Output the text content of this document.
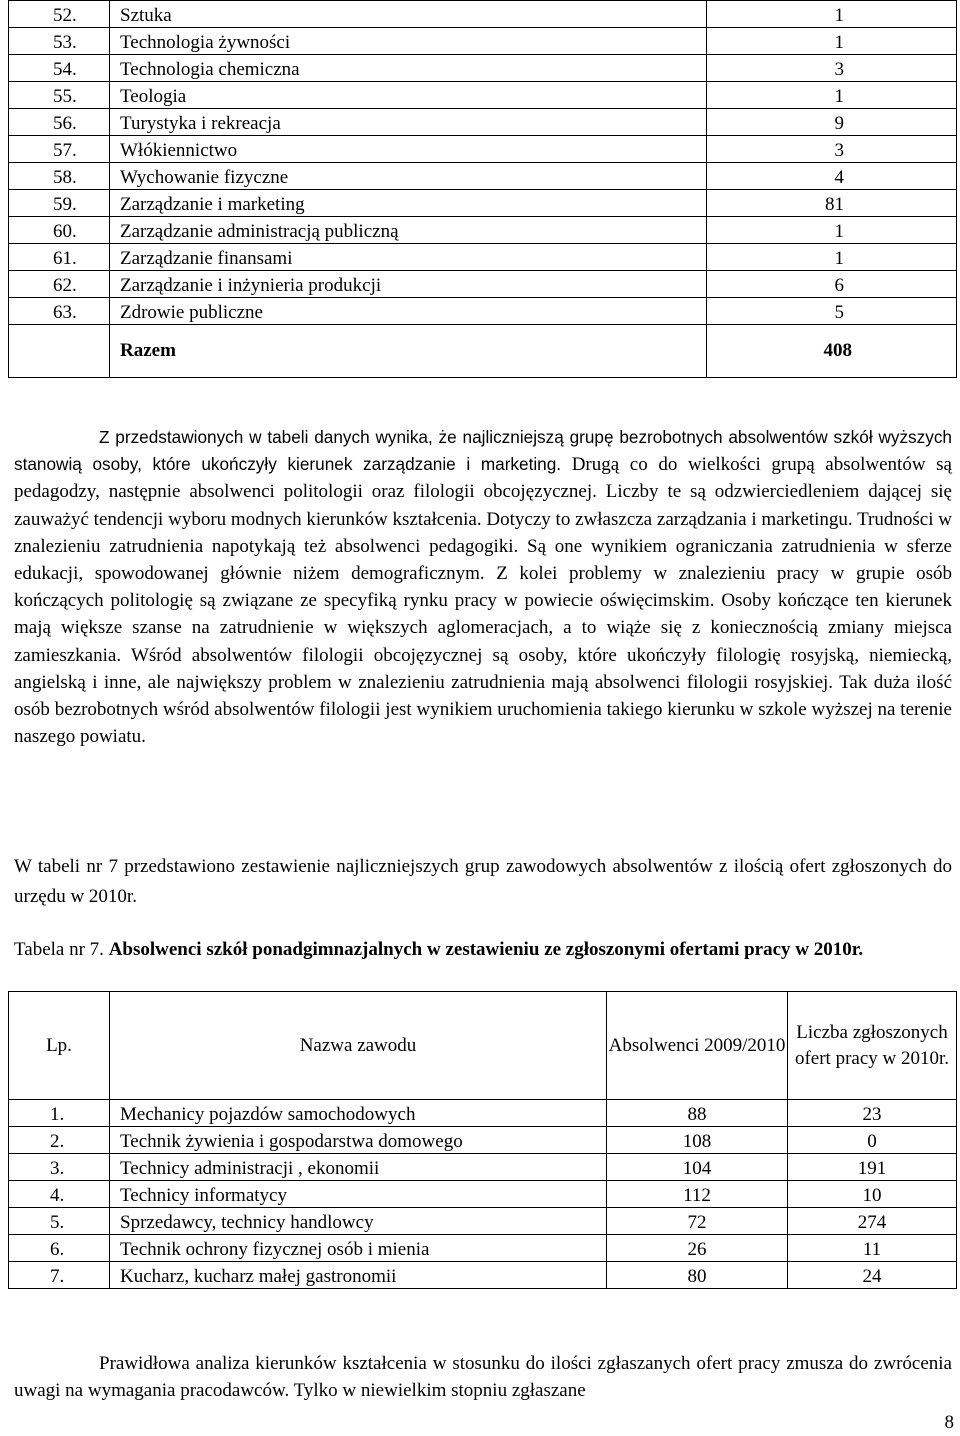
52.	Sztuka	1
53.	Technologia żywności	1
54.	Technologia chemiczna	3
55.	Teologia	1
56.	Turystyka i rekreacja	9
57.	Włókiennictwo	3
58.	Wychowanie fizyczne	4
59.	Zarządzanie i marketing	81
60.	Zarządzanie administracją publiczną	1
61.	Zarządzanie finansami	1
62.	Zarządzanie i inżynieria produkcji	6
63.	Zdrowie publiczne	5
	Razem	408

Z przedstawionych w tabeli danych wynika, że najliczniejszą grupę bezrobotnych absolwentów szkół wyższych stanowią osoby, które ukończyły kierunek zarządzanie i marketing. Drugą co do wielkości grupą absolwentów są pedagodzy, następnie absolwenci politologii oraz filologii obcojęzycznej. Liczby te są odzwierciedleniem dającej się zauważyć tendencji wyboru modnych kierunków kształcenia. Dotyczy to zwłaszcza zarządzania i marketingu. Trudności w znalezieniu zatrudnienia napotykają też absolwenci pedagogiki. Są one wynikiem ograniczania zatrudnienia w sferze edukacji, spowodowanej głównie niżem demograficznym. Z kolei problemy w znalezieniu pracy w grupie osób kończących politologię są związane ze specyfiką rynku pracy w powiecie oświęcimskim. Osoby kończące ten kierunek mają większe szanse na zatrudnienie w większych aglomeracjach, a to wiąże się z koniecznością zmiany miejsca zamieszkania. Wśród absolwentów filologii obcojęzycznej są osoby, które ukończyły filologię rosyjską, niemiecką, angielską i inne, ale największy problem w znalezieniu zatrudnienia mają absolwenci filologii rosyjskiej. Tak duża ilość osób bezrobotnych wśród absolwentów filologii jest wynikiem uruchomienia takiego kierunku w szkole wyższej na terenie naszego powiatu.

W tabeli nr 7 przedstawiono zestawienie najliczniejszych grup zawodowych absolwentów z ilością ofert zgłoszonych do urzędu w 2010r.

Tabela nr 7. Absolwenci szkół ponadgimnazjalnych w zestawieniu ze zgłoszonymi ofertami pracy w 2010r.

Lp.	Nazwa zawodu	Absolwenci 2009/2010	Liczba zgłoszonych ofert pracy w 2010r.
1.	Mechanicy pojazdów samochodowych	88	23
2.	Technik żywienia i gospodarstwa domowego	108	0
3.	Technicy administracji , ekonomii	104	191
4.	Technicy informatycy	112	10
5.	Sprzedawcy, technicy handlowcy	72	274
6.	Technik ochrony fizycznej osób i mienia	26	11
7.	Kucharz, kucharz małej gastronomii	80	24

Prawidłowa analiza kierunków kształcenia w stosunku do ilości zgłaszanych ofert pracy zmusza do zwrócenia uwagi na wymagania pracodawców. Tylko w niewielkim stopniu zgłaszane

8
